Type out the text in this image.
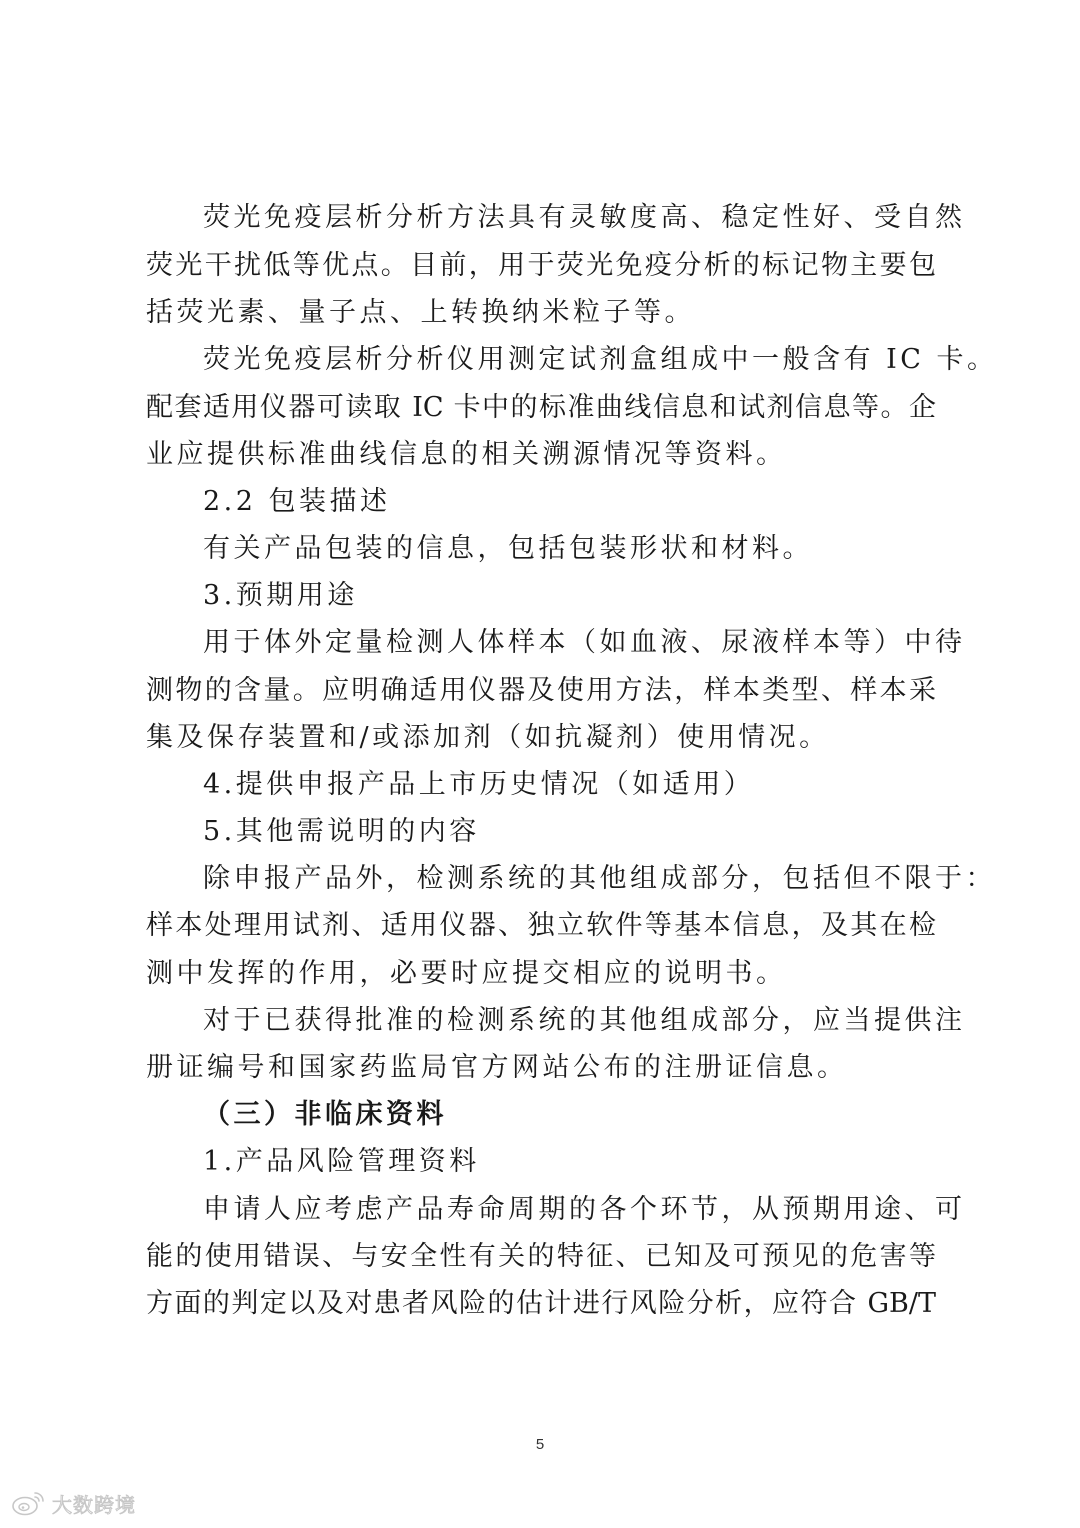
荧光免疫层析分析方法具有灵敏度高、稳定性好、受自然
荧光干扰低等优点。目前，用于荧光免疫分析的标记物主要包
括荧光素、量子点、上转换纳米粒子等。
荧光免疫层析分析仪用测定试剂盒组成中一般含有 IC 卡。
配套适用仪器可读取 IC 卡中的标准曲线信息和试剂信息等。企
业应提供标准曲线信息的相关溯源情况等资料。
2.2 包装描述
有关产品包装的信息，包括包装形状和材料。
3.预期用途
用于体外定量检测人体样本（如血液、尿液样本等）中待
测物的含量。应明确适用仪器及使用方法，样本类型、样本采
集及保存装置和/或添加剂（如抗凝剂）使用情况。
4.提供申报产品上市历史情况（如适用）
5.其他需说明的内容
除申报产品外，检测系统的其他组成部分，包括但不限于：
样本处理用试剂、适用仪器、独立软件等基本信息，及其在检
测中发挥的作用，必要时应提交相应的说明书。
对于已获得批准的检测系统的其他组成部分，应当提供注
册证编号和国家药监局官方网站公布的注册证信息。
（三）非临床资料
1.产品风险管理资料
申请人应考虑产品寿命周期的各个环节，从预期用途、可
能的使用错误、与安全性有关的特征、已知及可预见的危害等
方面的判定以及对患者风险的估计进行风险分析，应符合 GB/T
5
大数跨境
